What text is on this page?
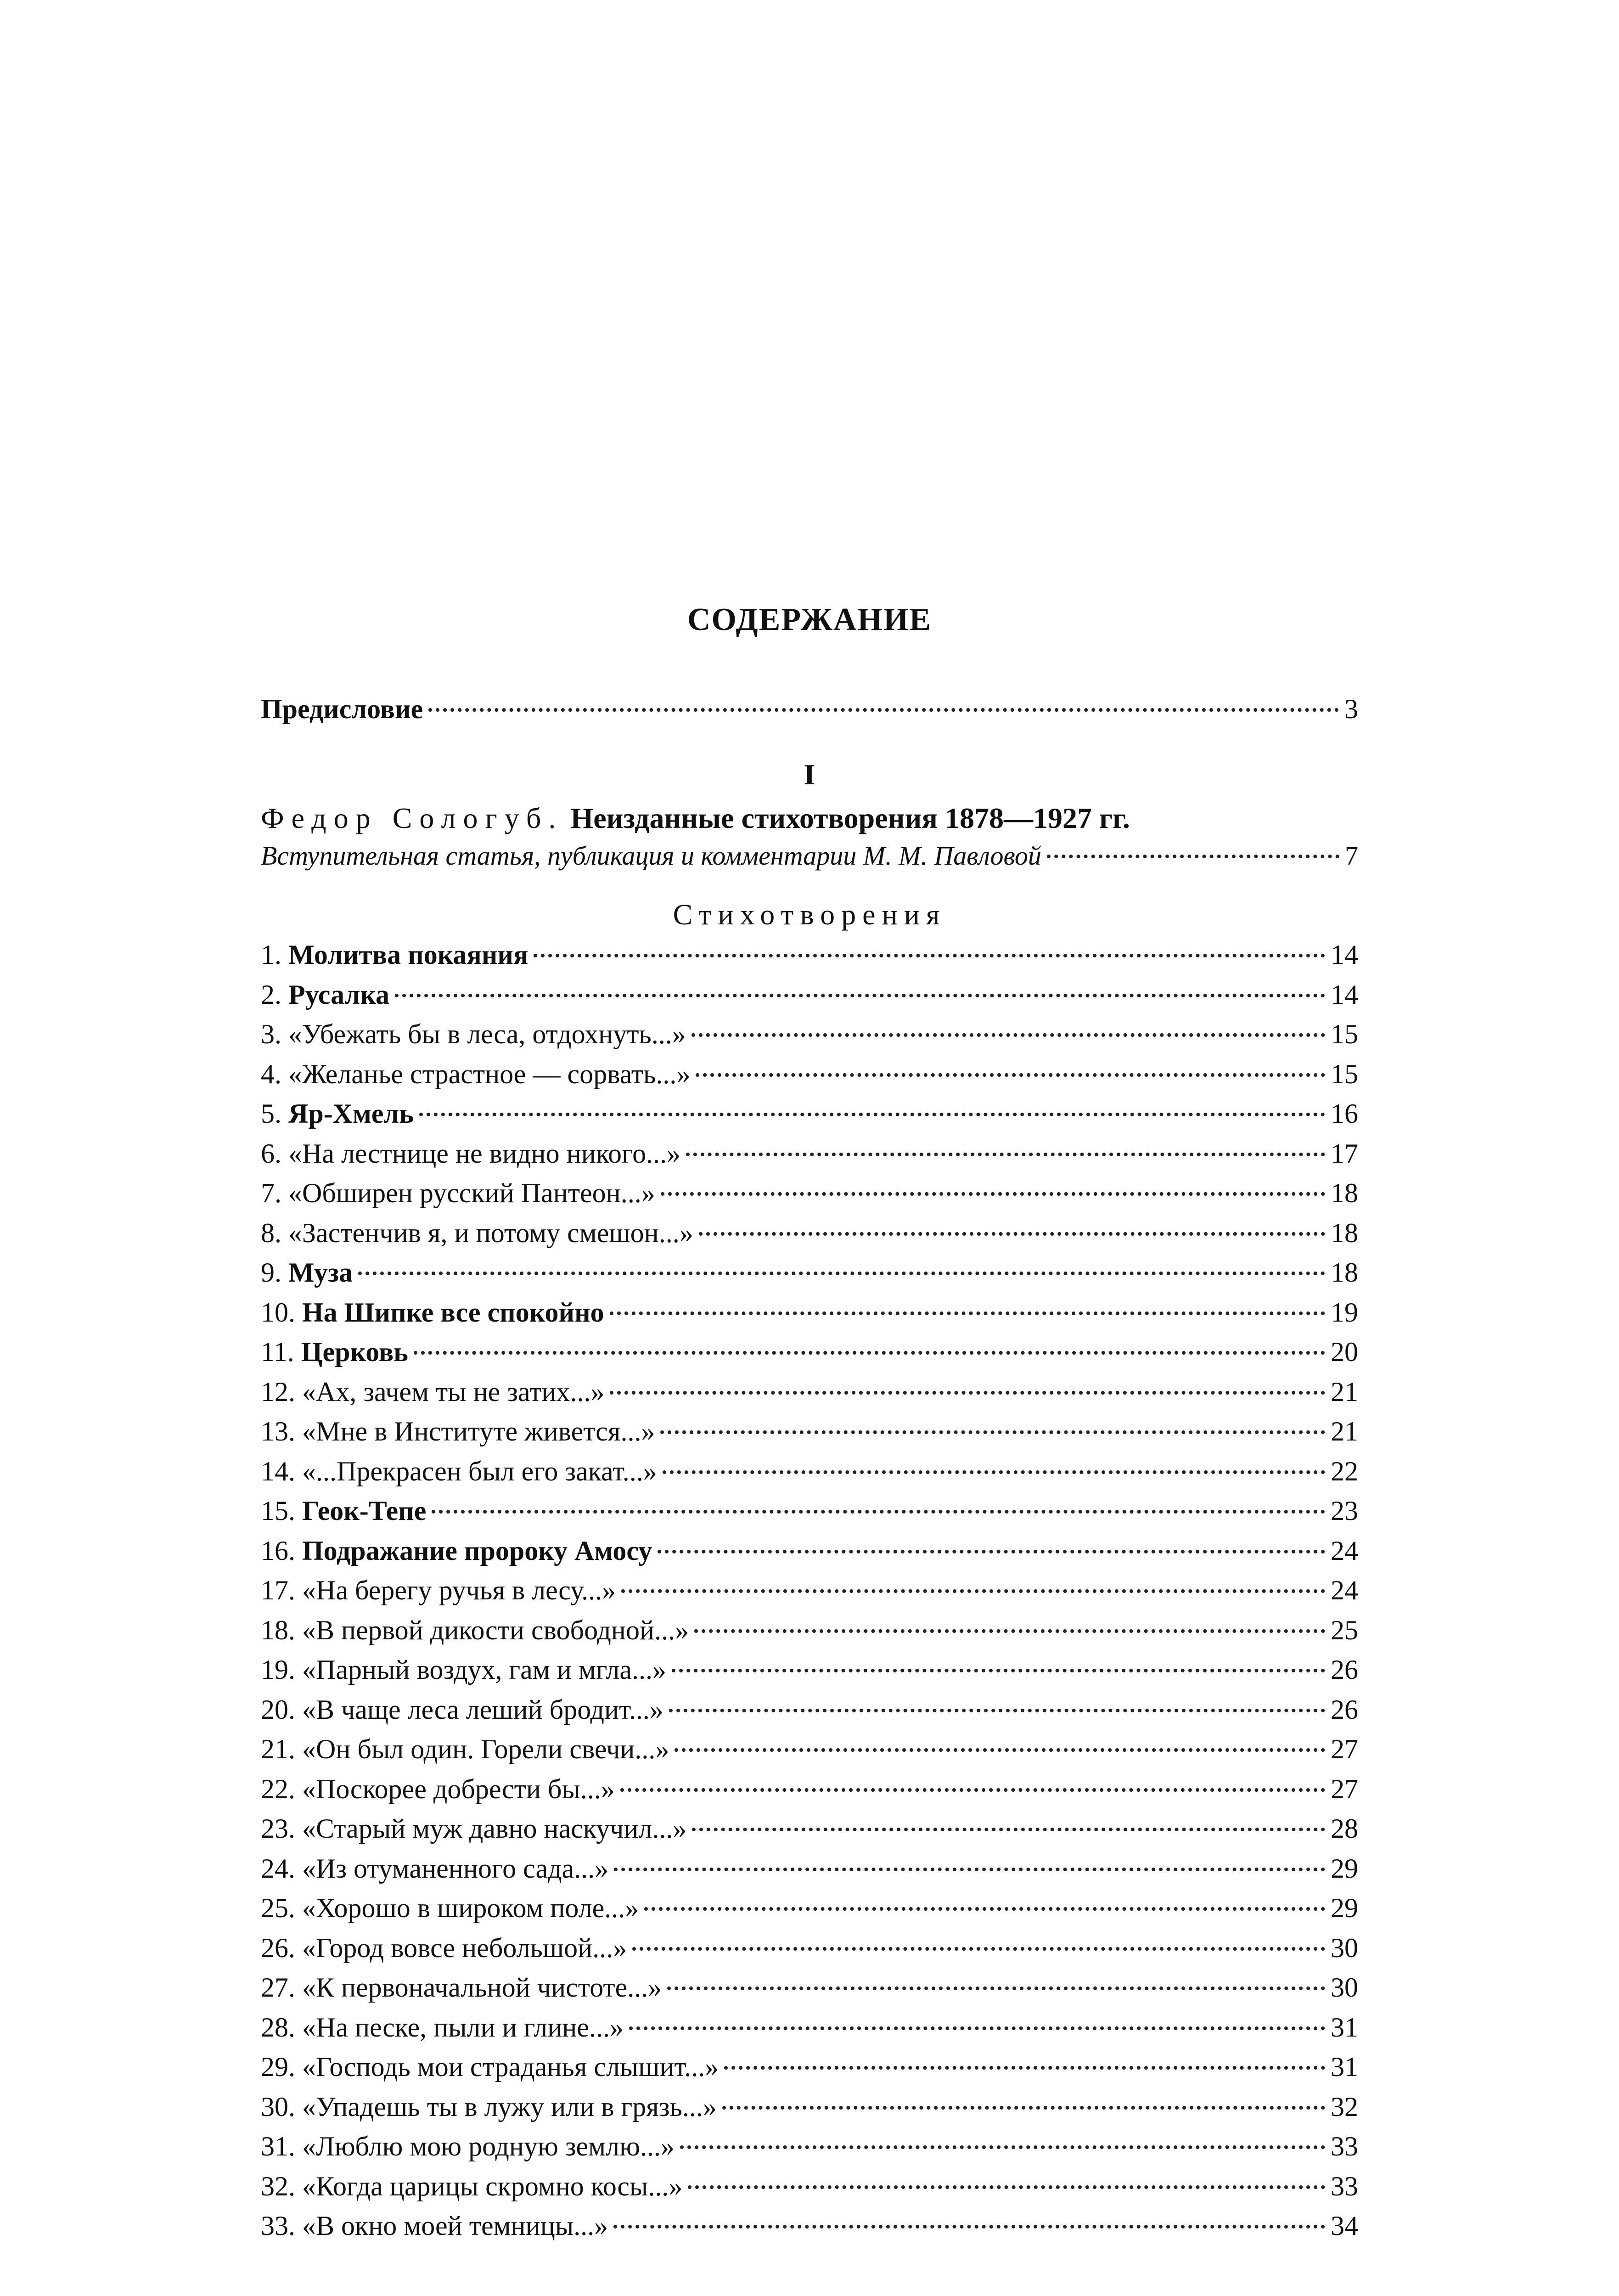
СОДЕРЖАНИЕ
Предисловие	3
I
Федор Сологуб. Неизданные стихотворения 1878—1927 гг.
Вступительная статья, публикация и комментарии М. М. Павловой	7
Стихотворения
1. Молитва покаяния	14
2. Русалка	14
3. «Убежать бы в леса, отдохнуть...»	15
4. «Желанье страстное — сорвать...»	15
5. Яр-Хмель	16
6. «На лестнице не видно никого...»	17
7. «Обширен русский Пантеон...»	18
8. «Застенчив я, и потому смешон...»	18
9. Муза	18
10. На Шипке все спокойно	19
11. Церковь	20
12. «Ах, зачем ты не затих...»	21
13. «Мне в Институте живется...»	21
14. «...Прекрасен был его закат...»	22
15. Геок-Тепе	23
16. Подражание пророку Амосу	24
17. «На берегу ручья в лесу...»	24
18. «В первой дикости свободной...»	25
19. «Парный воздух, гам и мгла...»	26
20. «В чаще леса леший бродит...»	26
21. «Он был один. Горели свечи...»	27
22. «Поскорее добрести бы...»	27
23. «Старый муж давно наскучил...»	28
24. «Из отуманенного сада...»	29
25. «Хорошо в широком поле...»	29
26. «Город вовсе небольшой...»	30
27. «К первоначальной чистоте...»	30
28. «На песке, пыли и глине...»	31
29. «Господь мои страданья слышит...»	31
30. «Упадешь ты в лужу или в грязь...»	32
31. «Люблю мою родную землю...»	33
32. «Когда царицы скромно косы...»	33
33. «В окно моей темницы...»	34
